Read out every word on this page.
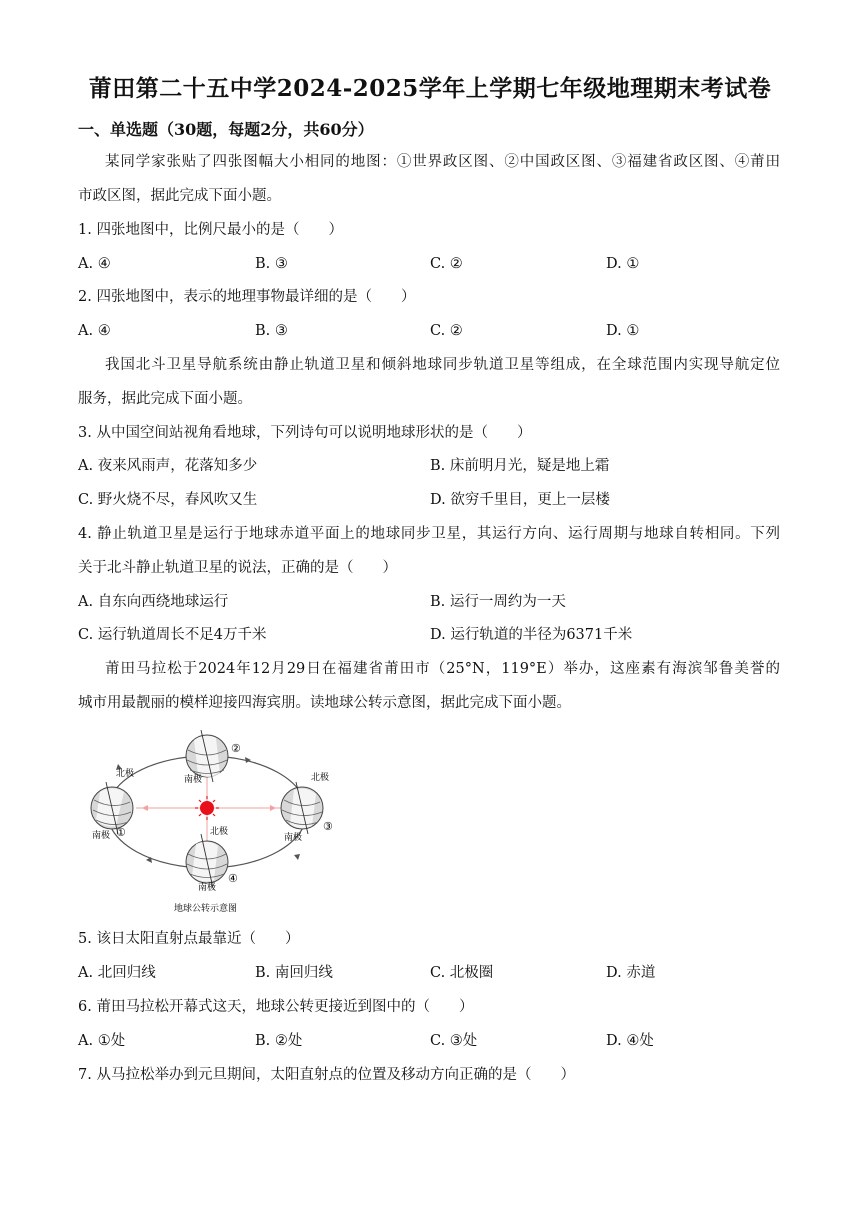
莆田第二十五中学2024-2025学年上学期七年级地理期末考试卷
一、单选题（30题，每题2分，共60分）
某同学家张贴了四张图幅大小相同的地图：①世界政区图、②中国政区图、③福建省政区图、④莆田
市政区图，据此完成下面小题。
1. 四张地图中，比例尺最小的是（　　）
A. ④	B. ③	C. ②	D. ①
2. 四张地图中，表示的地理事物最详细的是（　　）
A. ④	B. ③	C. ②	D. ①
我国北斗卫星导航系统由静止轨道卫星和倾斜地球同步轨道卫星等组成，在全球范围内实现导航定位
服务，据此完成下面小题。
3. 从中国空间站视角看地球，下列诗句可以说明地球形状的是（　　）
A. 夜来风雨声，花落知多少	B. 床前明月光，疑是地上霜
C. 野火烧不尽，春风吹又生	D. 欲穷千里目，更上一层楼
4. 静止轨道卫星是运行于地球赤道平面上的地球同步卫星，其运行方向、运行周期与地球自转相同。下列
关于北斗静止轨道卫星的说法，正确的是（　　）
A. 自东向西绕地球运行	B. 运行一周约为一天
C. 运行轨道周长不足4万千米	D. 运行轨道的半径为6371千米
莆田马拉松于2024年12月29日在福建省莆田市（25°N，119°E）举办，这座素有海滨邹鲁美誉的
城市用最靓丽的模样迎接四海宾朋。读地球公转示意图，据此完成下面小题。
北极
南极
南极	北极
南极
北极
南极
①
②
③
④
地球公转示意图
5. 该日太阳直射点最靠近（　　）
A. 北回归线	B. 南回归线	C. 北极圈	D. 赤道
6. 莆田马拉松开幕式这天，地球公转更接近到图中的（　　）
A. ①处	B. ②处	C. ③处	D. ④处
7. 从马拉松举办到元旦期间，太阳直射点的位置及移动方向正确的是（　　）
